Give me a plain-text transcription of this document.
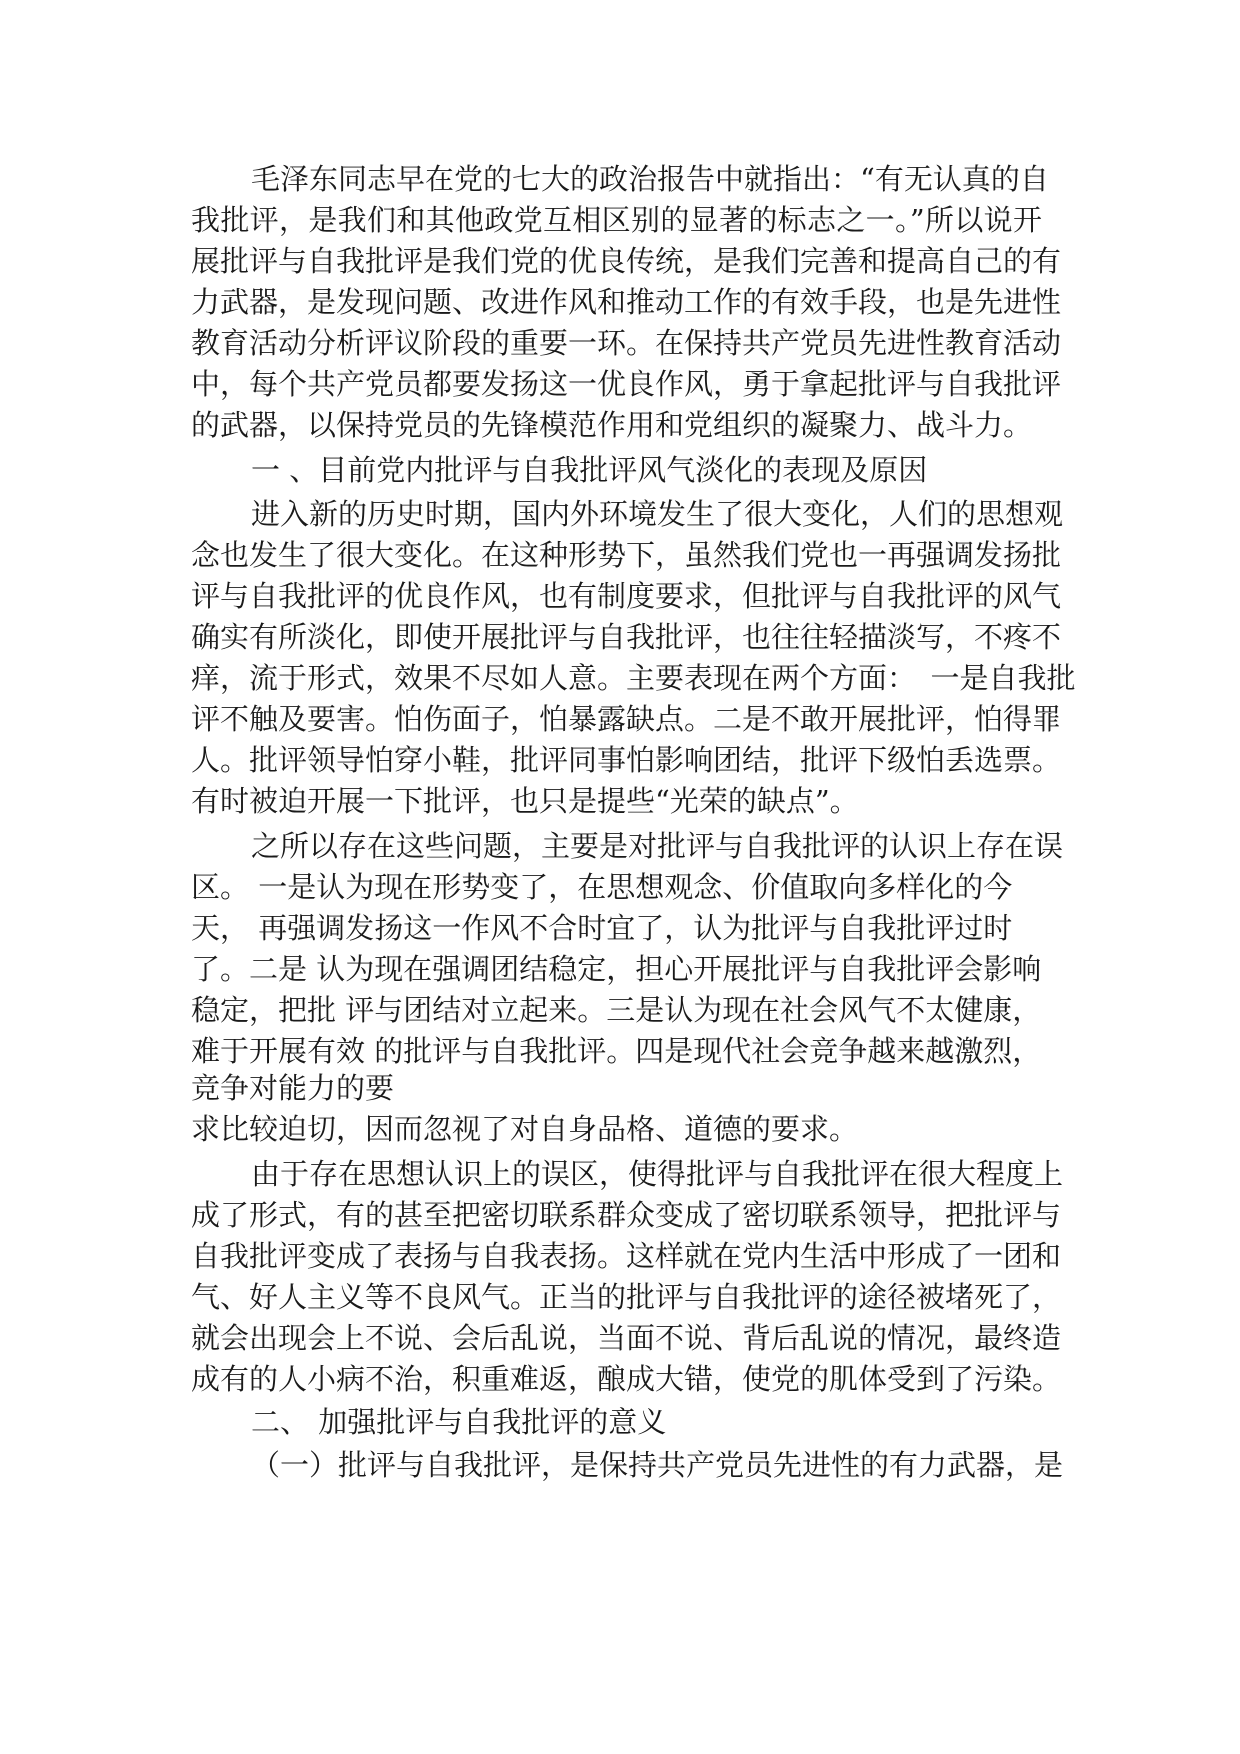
毛泽东同志早在党的七大的政治报告中就指出：“有无认真的自
我批评，是我们和其他政党互相区别的显著的标志之一。”所以说开
展批评与自我批评是我们党的优良传统，是我们完善和提高自己的有
力武器，是发现问题、改进作风和推动工作的有效手段，也是先进性
教育活动分析评议阶段的重要一环。在保持共产党员先进性教育活动
中，每个共产党员都要发扬这一优良作风，勇于拿起批评与自我批评
的武器，以保持党员的先锋模范作用和党组织的凝聚力、战斗力。
一 、目前党内批评与自我批评风气淡化的表现及原因
进入新的历史时期，国内外环境发生了很大变化，人们的思想观
念也发生了很大变化。在这种形势下，虽然我们党也一再强调发扬批
评与自我批评的优良作风，也有制度要求，但批评与自我批评的风气
确实有所淡化，即使开展批评与自我批评，也往往轻描淡写，不疼不
痒，流于形式，效果不尽如人意。主要表现在两个方面：　一是自我批
评不触及要害。怕伤面子，怕暴露缺点。二是不敢开展批评，怕得罪
人。批评领导怕穿小鞋，批评同事怕影响团结，批评下级怕丢选票。
有时被迫开展一下批评，也只是提些“光荣的缺点”。
之所以存在这些问题，主要是对批评与自我批评的认识上存在误
区。 一是认为现在形势变了，在思想观念、价值取向多样化的今
天， 再强调发扬这一作风不合时宜了，认为批评与自我批评过时
了。二是 认为现在强调团结稳定，担心开展批评与自我批评会影响
稳定，把批 评与团结对立起来。三是认为现在社会风气不太健康，
难于开展有效 的批评与自我批评。四是现代社会竞争越来越激烈，
竞争对能力的要
求比较迫切，因而忽视了对自身品格、道德的要求。
由于存在思想认识上的误区，使得批评与自我批评在很大程度上
成了形式，有的甚至把密切联系群众变成了密切联系领导，把批评与
自我批评变成了表扬与自我表扬。这样就在党内生活中形成了一团和
气、好人主义等不良风气。正当的批评与自我批评的途径被堵死了，
就会出现会上不说、会后乱说，当面不说、背后乱说的情况，最终造
成有的人小病不治，积重难返，酿成大错，使党的肌体受到了污染。
二、 加强批评与自我批评的意义
（一）批评与自我批评，是保持共产党员先进性的有力武器，是
